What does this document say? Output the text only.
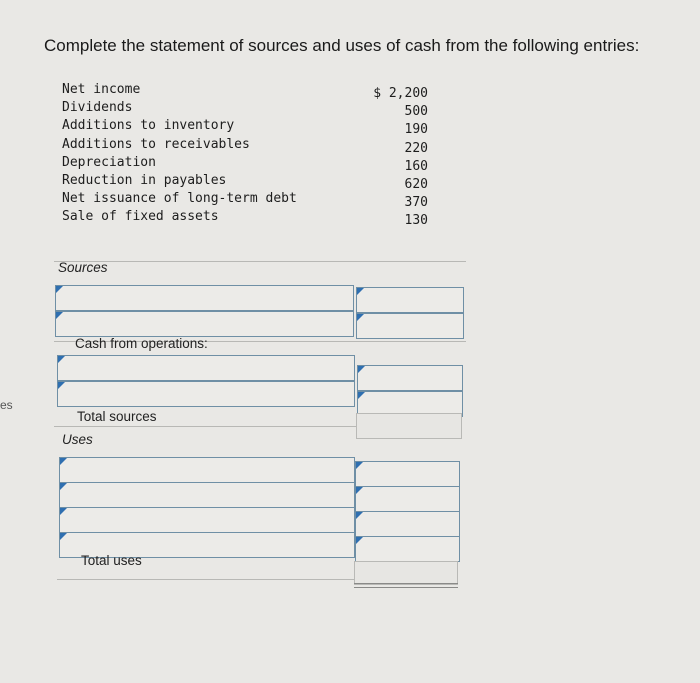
es
Complete the statement of sources and uses of cash from the following entries:
Net income	$ 2,200
Dividends	500
Additions to inventory	190
Additions to receivables	220
Depreciation	160
Reduction in payables	620
Net issuance of long-term debt	370
Sale of fixed assets	130
Sources
Cash from operations:
Total sources
Uses
Total uses
